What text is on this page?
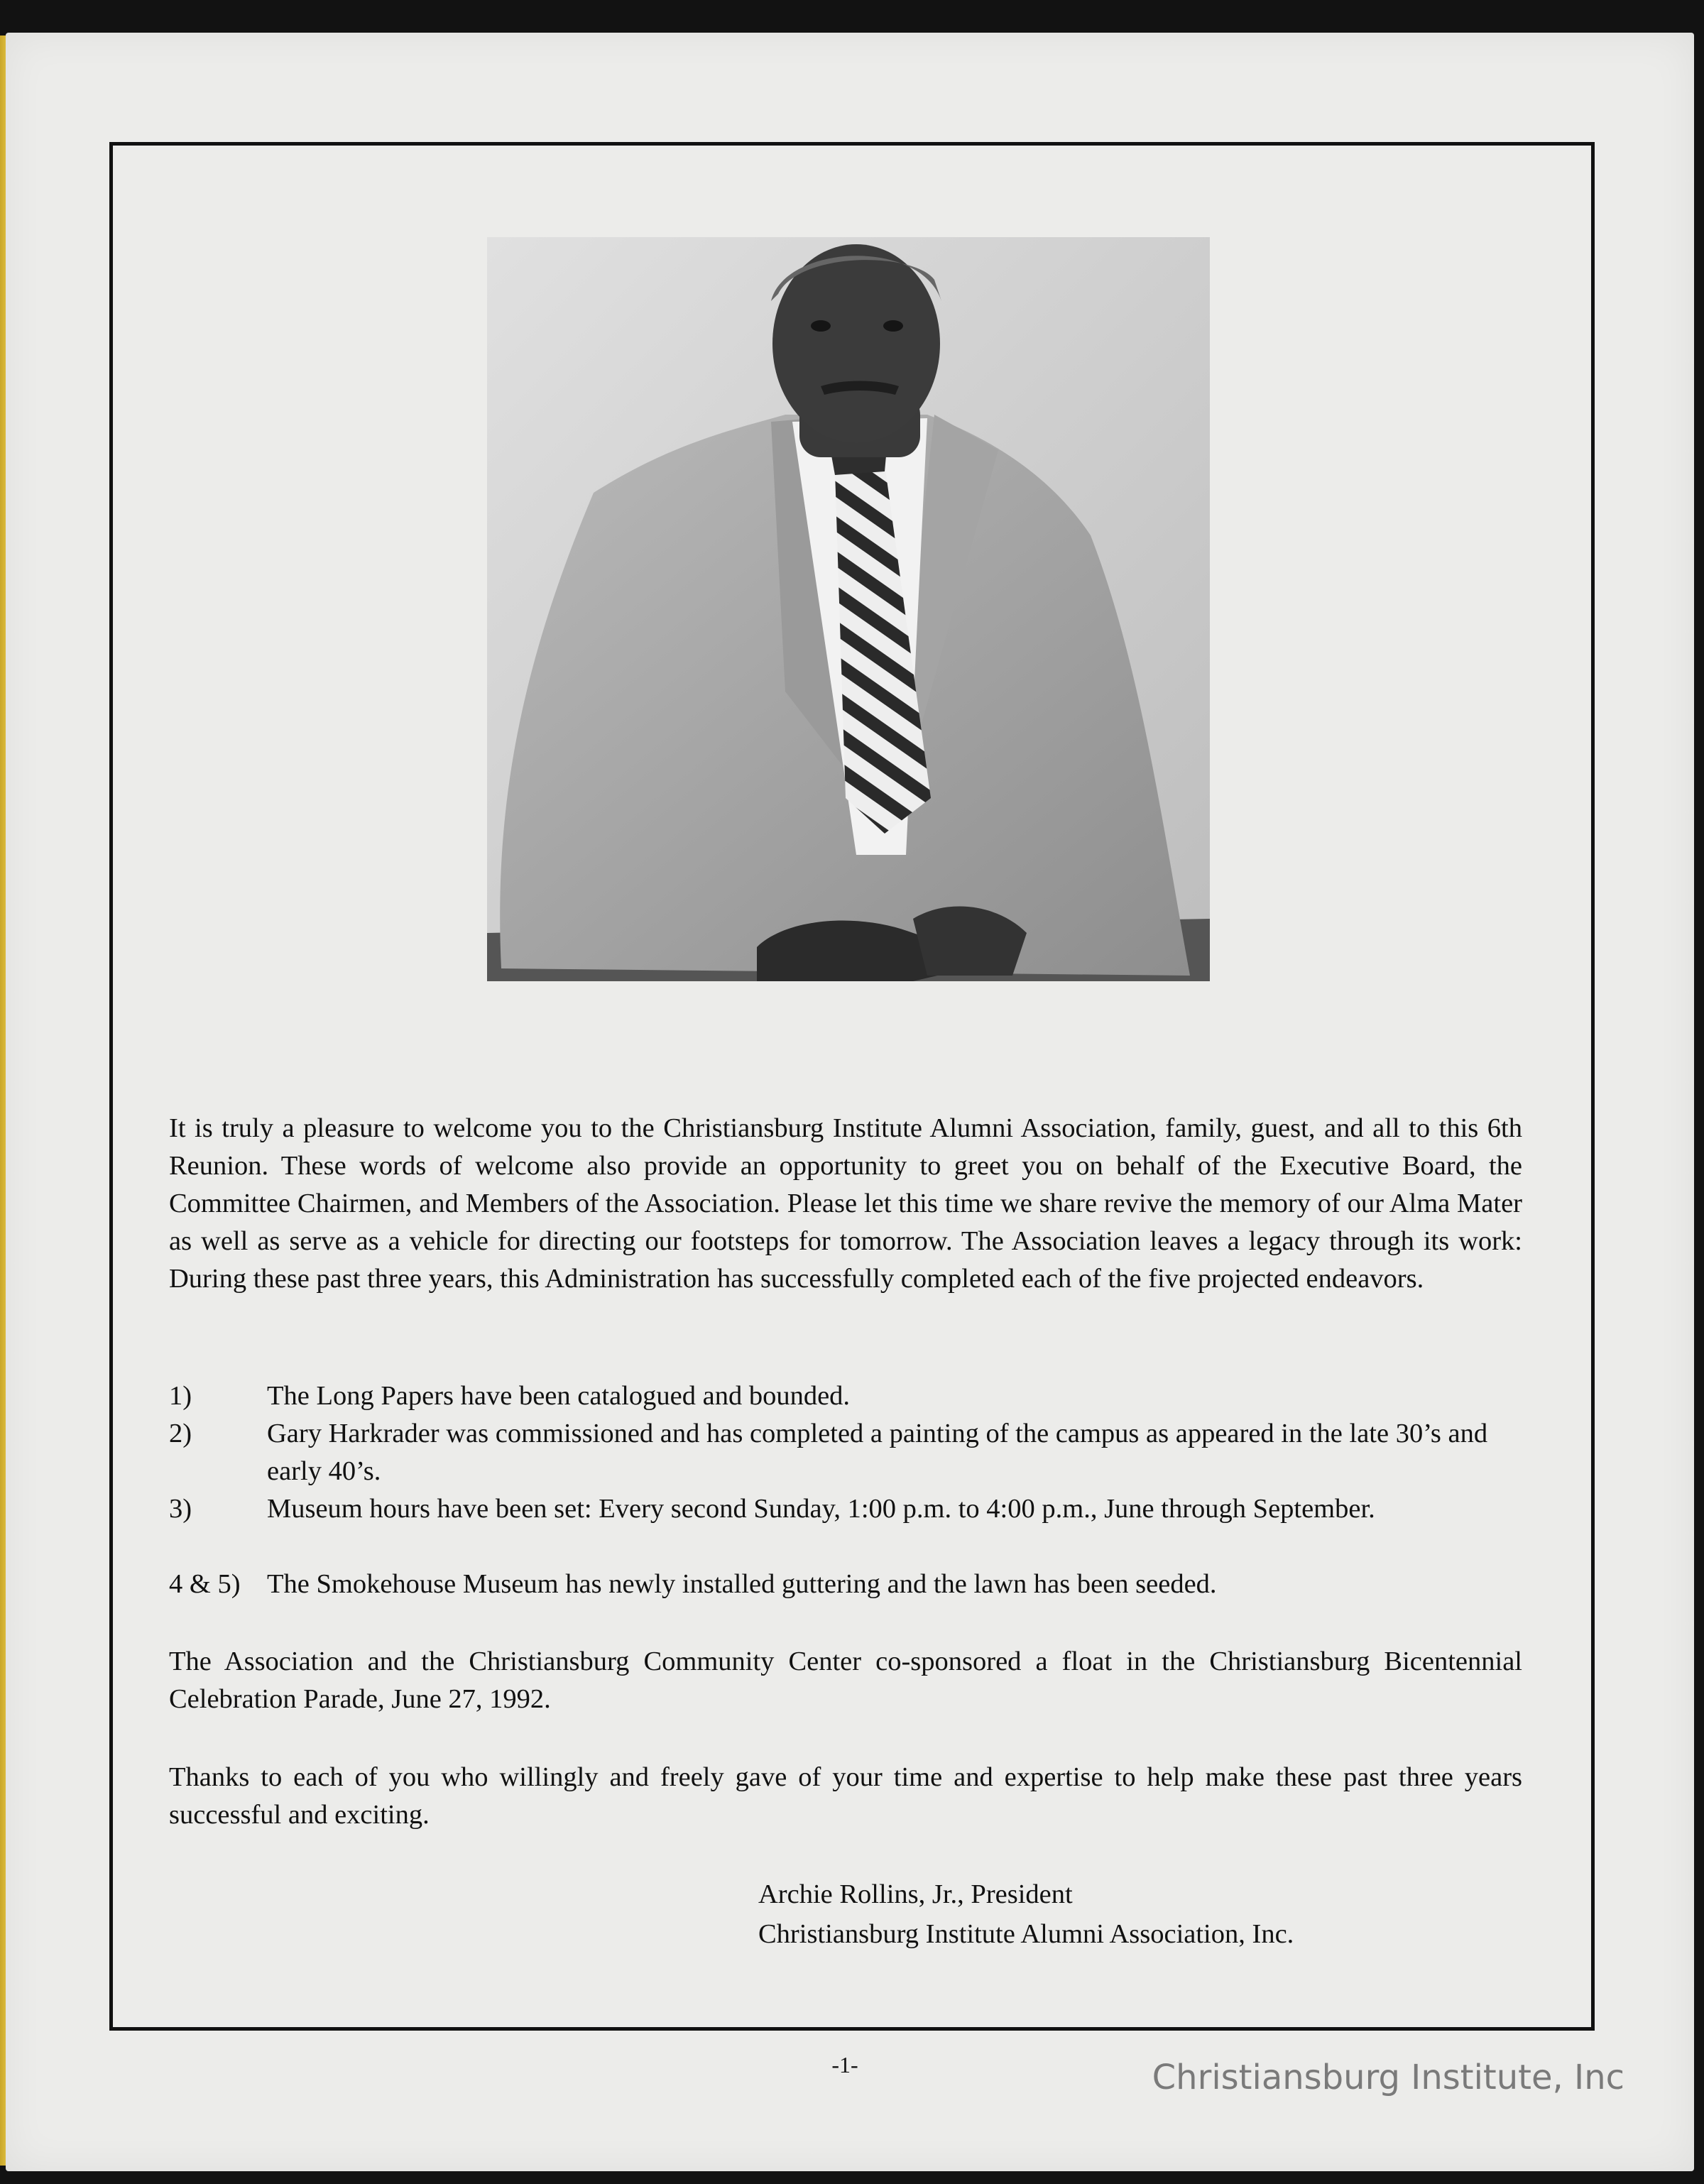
It is truly a pleasure to welcome you to the Christiansburg Institute Alumni Association, family, guest, and all to this 6th Reunion. These words of welcome also provide an opportunity to greet you on behalf of the Executive Board, the Committee Chairmen, and Members of the Association. Please let this time we share revive the memory of our Alma Mater as well as serve as a vehicle for directing our footsteps for tomorrow. The Association leaves a legacy through its work: During these past three years, this Administration has successfully completed each of the five projected endeavors.
1)	The Long Papers have been catalogued and bounded.
2)	Gary Harkrader was commissioned and has completed a painting of the campus as appeared in the late 30’s and early 40’s.
3)	Museum hours have been set: Every second Sunday, 1:00 p.m. to 4:00 p.m., June through September.
4 & 5) The Smokehouse Museum has newly installed guttering and the lawn has been seeded.
The Association and the Christiansburg Community Center co-sponsored a float in the Christiansburg Bicentennial Celebration Parade, June 27, 1992.
Thanks to each of you who willingly and freely gave of your time and expertise to help make these past three years successful and exciting.
Archie Rollins, Jr., President
Christiansburg Institute Alumni Association, Inc.
-1-	Christiansburg Institute, Inc
